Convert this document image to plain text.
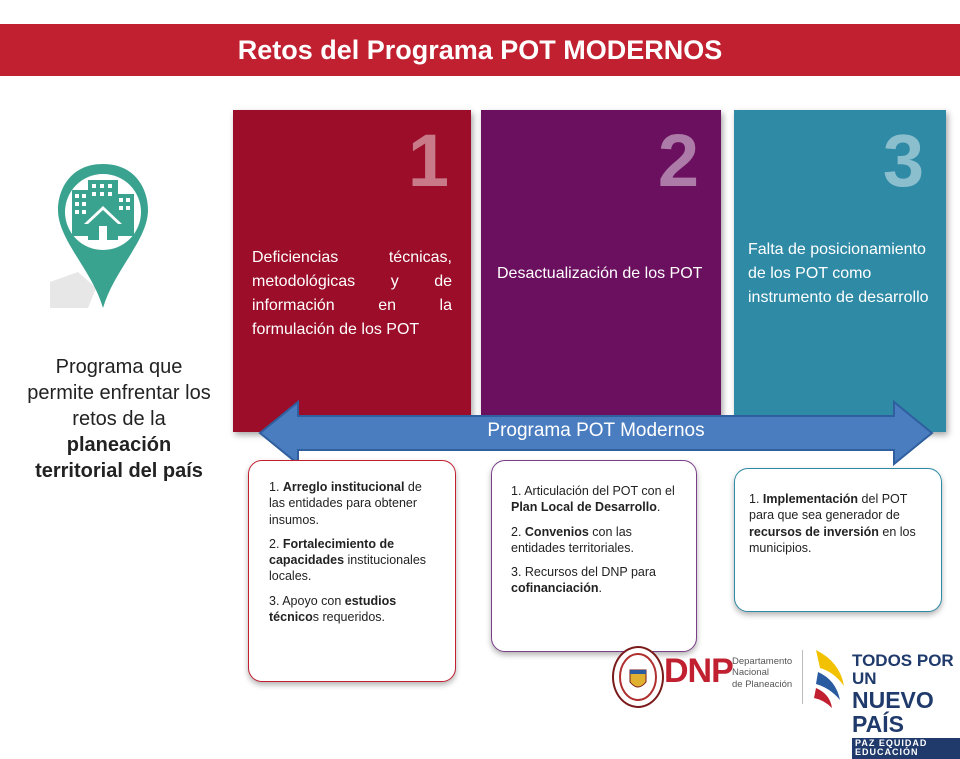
Retos del Programa POT MODERNOS
Programa que permite enfrentar los retos de la planeación territorial del país
1
Deficiencias técnicas, metodológicas y de información en la formulación de los POT
2
Desactualización de los POT
3
Falta de posicionamiento de los POT como instrumento de desarrollo
Programa POT Modernos

1. Arreglo institucional de las entidades para obtener insumos.

2. Fortalecimiento de capacidades institucionales locales.

3. Apoyo con estudios técnicos requeridos.

1. Articulación del POT con el Plan Local de Desarrollo.

2. Convenios con las entidades territoriales.

3. Recursos del DNP para cofinanciación.

1. Implementación del POT para que sea generador de recursos de inversión en los municipios.

DNP Departamento
Nacional
de Planeación
TODOS POR UN
NUEVO PAÍS
PAZ EQUIDAD EDUCACIÓN
